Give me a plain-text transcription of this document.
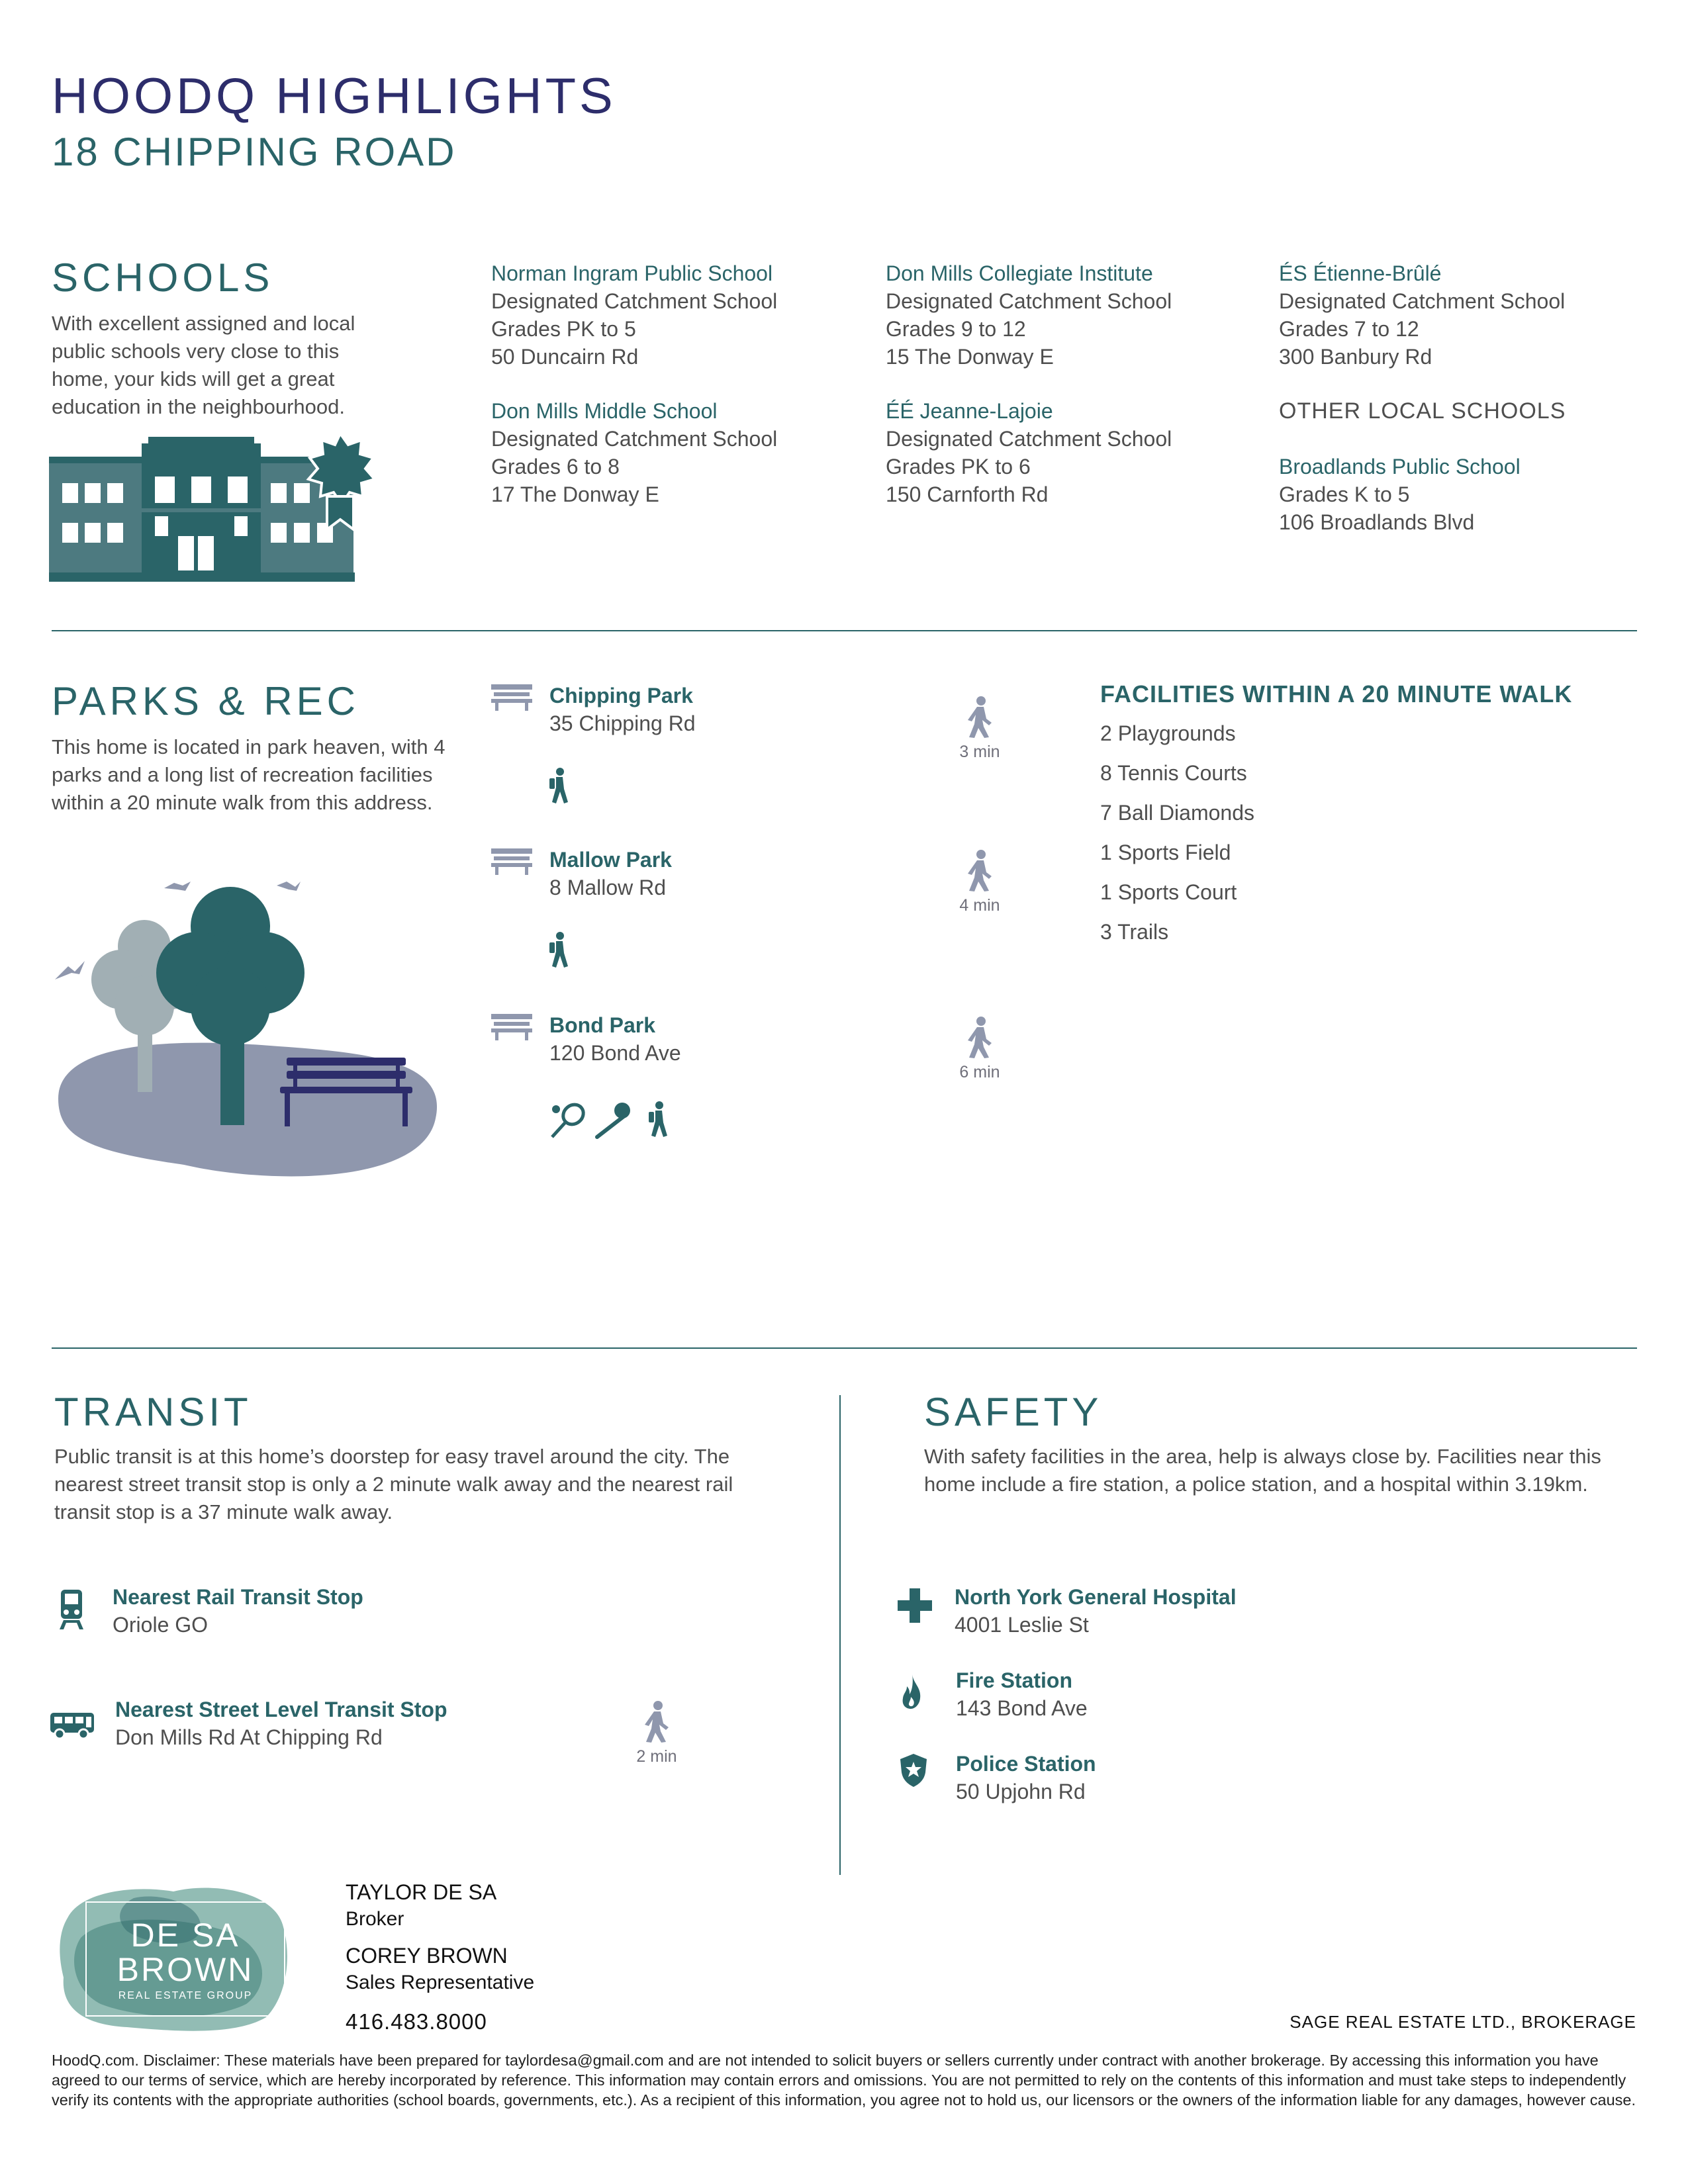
HOODQ HIGHLIGHTS
18 CHIPPING ROAD
SCHOOLS
With excellent assigned and local public schools very close to this home, your kids will get a great education in the neighbourhood.
Norman Ingram Public School
Designated Catchment School
Grades PK to 5
50 Duncairn Rd
Don Mills Collegiate Institute
Designated Catchment School
Grades 9 to 12
15 The Donway E
ÉS Étienne-Brûlé
Designated Catchment School
Grades 7 to 12
300 Banbury Rd
Don Mills Middle School
Designated Catchment School
Grades 6 to 8
17 The Donway E
ÉÉ Jeanne-Lajoie
Designated Catchment School
Grades PK to 6
150 Carnforth Rd
OTHER LOCAL SCHOOLS
Broadlands Public School
Grades K to 5
106 Broadlands Blvd
PARKS & REC
This home is located in park heaven, with 4 parks and a long list of recreation facilities within a 20 minute walk from this address.
Chipping Park
35 Chipping Rd
Mallow Park
8 Mallow Rd
Bond Park
120 Bond Ave
3 min
4 min
6 min
FACILITIES WITHIN A 20 MINUTE WALK
2 Playgrounds
8 Tennis Courts
7 Ball Diamonds
1 Sports Field
1 Sports Court
3 Trails
TRANSIT
Public transit is at this home’s doorstep for easy travel around the city. The nearest street transit stop is only a 2 minute walk away and the nearest rail transit stop is a 37 minute walk away.
Nearest Rail Transit Stop
Oriole GO
Nearest Street Level Transit Stop
Don Mills Rd At Chipping Rd
2 min
SAFETY
With safety facilities in the area, help is always close by. Facilities near this home include a fire station, a police station, and a hospital within 3.19km.
North York General Hospital
4001 Leslie St
Fire Station
143 Bond Ave
Police Station
50 Upjohn Rd
DE SA
BROWN
REAL ESTATE GROUP
TAYLOR DE SA
Broker
COREY BROWN
Sales Representative
416.483.8000	SAGE REAL ESTATE LTD., BROKERAGE
HoodQ.com. Disclaimer: These materials have been prepared for taylordesa@gmail.com and are not intended to solicit buyers or sellers currently under contract with another brokerage. By accessing this information you have agreed to our terms of service, which are hereby incorporated by reference. This information may contain errors and omissions. You are not permitted to rely on the contents of this information and must take steps to independently verify its contents with the appropriate authorities (school boards, governments, etc.). As a recipient of this information, you agree not to hold us, our licensors or the owners of the information liable for any damages, however cause.
